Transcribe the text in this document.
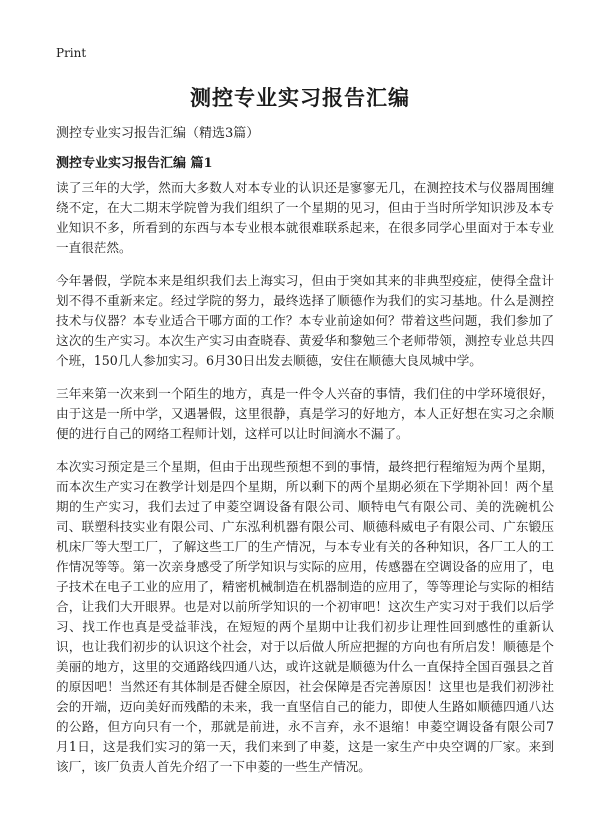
Print
测控专业实习报告汇编

测控专业实习报告汇编（精选3篇）

测控专业实习报告汇编 篇1

读了三年的大学，然而大多数人对本专业的认识还是寥寥无几，在测控技术与仪器周围缠绕不定，在大二期末学院曾为我们组织了一个星期的见习，但由于当时所学知识涉及本专业知识不多，所看到的东西与本专业根本就很难联系起来，在很多同学心里面对于本专业一直很茫然。

今年暑假，学院本来是组织我们去上海实习，但由于突如其来的非典型疫症，使得全盘计划不得不重新来定。经过学院的努力，最终选择了顺德作为我们的实习基地。什么是测控技术与仪器？本专业适合干哪方面的工作？本专业前途如何？带着这些问题，我们参加了这次的生产实习。本次生产实习由查晓春、黄爱华和黎勉三个老师带领，测控专业总共四个班，150几人参加实习。6月30日出发去顺德，安住在顺德大良凤城中学。

三年来第一次来到一个陌生的地方，真是一件令人兴奋的事情，我们住的中学环境很好，由于这是一所中学，又遇暑假，这里很静，真是学习的好地方，本人正好想在实习之余顺便的进行自己的网络工程师计划，这样可以让时间滴水不漏了。

本次实习预定是三个星期，但由于出现些预想不到的事情，最终把行程缩短为两个星期，而本次生产实习在教学计划是四个星期，所以剩下的两个星期必须在下学期补回！两个星期的生产实习，我们去过了申菱空调设备有限公司、顺特电气有限公司、美的洗碗机公司、联塑科技实业有限公司、广东泓利机器有限公司、顺德科威电子有限公司、广东锻压机床厂等大型工厂，了解这些工厂的生产情况，与本专业有关的各种知识，各厂工人的工作情况等等。第一次亲身感受了所学知识与实际的应用，传感器在空调设备的应用了，电子技术在电子工业的应用了，精密机械制造在机器制造的应用了，等等理论与实际的相结合，让我们大开眼界。也是对以前所学知识的一个初审吧！这次生产实习对于我们以后学习、找工作也真是受益菲浅，在短短的两个星期中让我们初步让理性回到感性的重新认识，也让我们初步的认识这个社会，对于以后做人所应把握的方向也有所启发！顺德是个美丽的地方，这里的交通路线四通八达，或许这就是顺德为什么一直保持全国百强县之首的原因吧！当然还有其体制是否健全原因，社会保障是否完善原因！这里也是我们初涉社会的开端，迈向美好而残酷的未来，我一直坚信自己的能力，即使人生路如顺德四通八达的公路，但方向只有一个，那就是前进，永不言弃，永不退缩！申菱空调设备有限公司7月1日，这是我们实习的第一天，我们来到了申菱，这是一家生产中央空调的厂家。来到该厂，该厂负责人首先介绍了一下申菱的一些生产情况。
